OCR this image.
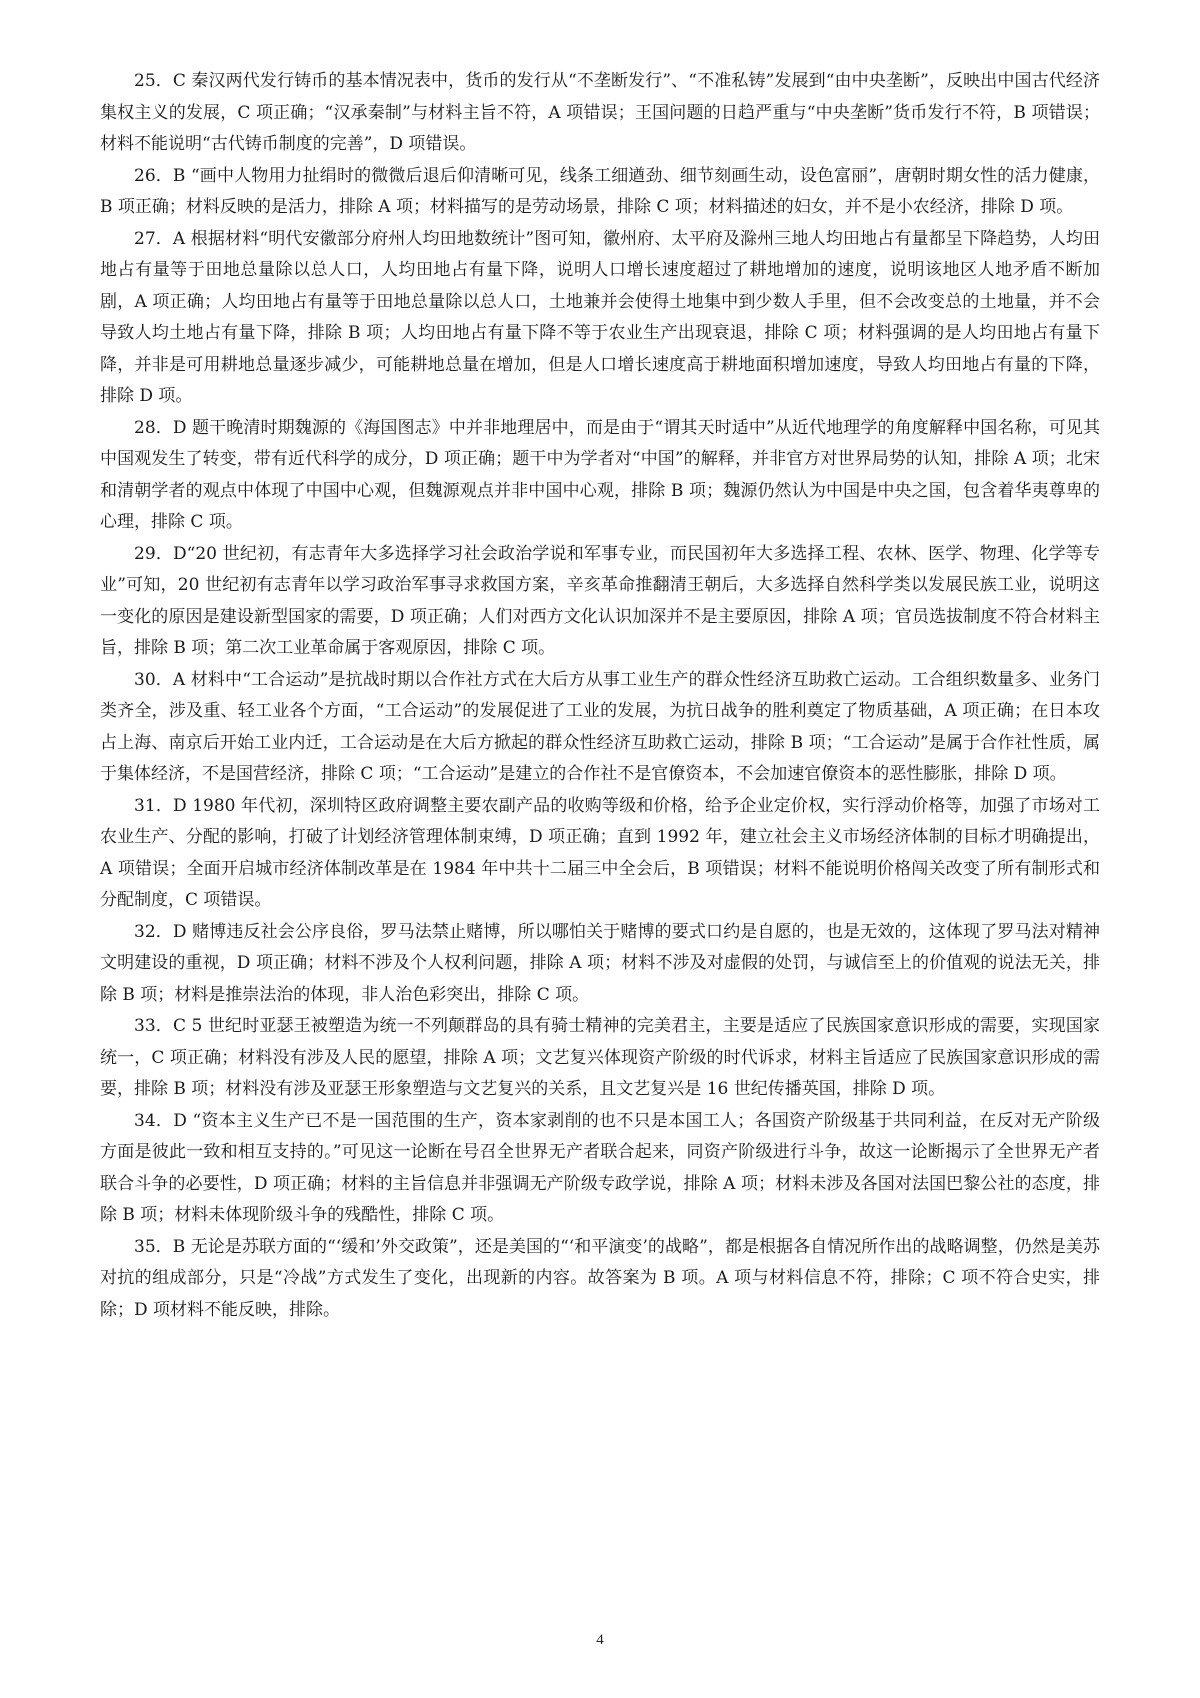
25．C 秦汉两代发行铸币的基本情况表中，货币的发行从“不垄断发行”、“不准私铸”发展到“由中央垄断”，反映出中国古代经济集权主义的发展，C 项正确；“汉承秦制”与材料主旨不符，A 项错误；王国问题的日趋严重与“中央垄断”货币发行不符，B 项错误；材料不能说明“古代铸币制度的完善”，D 项错误。

26．B “画中人物用力扯绢时的微微后退后仰清晰可见，线条工细遒劲、细节刻画生动，设色富丽”，唐朝时期女性的活力健康，B 项正确；材料反映的是活力，排除 A 项；材料描写的是劳动场景，排除 C 项；材料描述的妇女，并不是小农经济，排除 D 项。

27．A 根据材料“明代安徽部分府州人均田地数统计”图可知，徽州府、太平府及滁州三地人均田地占有量都呈下降趋势，人均田地占有量等于田地总量除以总人口，人均田地占有量下降，说明人口增长速度超过了耕地增加的速度，说明该地区人地矛盾不断加剧，A 项正确；人均田地占有量等于田地总量除以总人口，土地兼并会使得土地集中到少数人手里，但不会改变总的土地量，并不会导致人均土地占有量下降，排除 B 项；人均田地占有量下降不等于农业生产出现衰退，排除 C 项；材料强调的是人均田地占有量下降，并非是可用耕地总量逐步减少，可能耕地总量在增加，但是人口增长速度高于耕地面积增加速度，导致人均田地占有量的下降，排除 D 项。

28．D 题干晚清时期魏源的《海国图志》中并非地理居中，而是由于“谓其天时适中”从近代地理学的角度解释中国名称，可见其中国观发生了转变，带有近代科学的成分，D 项正确；题干中为学者对“中国”的解释，并非官方对世界局势的认知，排除 A 项；北宋和清朝学者的观点中体现了中国中心观，但魏源观点并非中国中心观，排除 B 项；魏源仍然认为中国是中央之国，包含着华夷尊卑的心理，排除 C 项。

29．D“20 世纪初，有志青年大多选择学习社会政治学说和军事专业，而民国初年大多选择工程、农林、医学、物理、化学等专业”可知，20 世纪初有志青年以学习政治军事寻求救国方案，辛亥革命推翻清王朝后，大多选择自然科学类以发展民族工业，说明这一变化的原因是建设新型国家的需要，D 项正确；人们对西方文化认识加深并不是主要原因，排除 A 项；官员选拔制度不符合材料主旨，排除 B 项；第二次工业革命属于客观原因，排除 C 项。

30．A 材料中“工合运动”是抗战时期以合作社方式在大后方从事工业生产的群众性经济互助救亡运动。工合组织数量多、业务门类齐全，涉及重、轻工业各个方面，“工合运动”的发展促进了工业的发展，为抗日战争的胜利奠定了物质基础，A 项正确；在日本攻占上海、南京后开始工业内迁，工合运动是在大后方掀起的群众性经济互助救亡运动，排除 B 项；“工合运动”是属于合作社性质，属于集体经济，不是国营经济，排除 C 项；“工合运动”是建立的合作社不是官僚资本，不会加速官僚资本的恶性膨胀，排除 D 项。

31．D 1980 年代初，深圳特区政府调整主要农副产品的收购等级和价格，给予企业定价权，实行浮动价格等，加强了市场对工农业生产、分配的影响，打破了计划经济管理体制束缚，D 项正确；直到 1992 年，建立社会主义市场经济体制的目标才明确提出，A 项错误；全面开启城市经济体制改革是在 1984 年中共十二届三中全会后，B 项错误；材料不能说明价格闯关改变了所有制形式和分配制度，C 项错误。

32．D 赌博违反社会公序良俗，罗马法禁止赌博，所以哪怕关于赌博的要式口约是自愿的，也是无效的，这体现了罗马法对精神文明建设的重视，D 项正确；材料不涉及个人权利问题，排除 A 项；材料不涉及对虚假的处罚，与诚信至上的价值观的说法无关，排除 B 项；材料是推崇法治的体现，非人治色彩突出，排除 C 项。

33．C 5 世纪时亚瑟王被塑造为统一不列颠群岛的具有骑士精神的完美君主，主要是适应了民族国家意识形成的需要，实现国家统一，C 项正确；材料没有涉及人民的愿望，排除 A 项；文艺复兴体现资产阶级的时代诉求，材料主旨适应了民族国家意识形成的需要，排除 B 项；材料没有涉及亚瑟王形象塑造与文艺复兴的关系，且文艺复兴是 16 世纪传播英国，排除 D 项。

34．D “资本主义生产已不是一国范围的生产，资本家剥削的也不只是本国工人；各国资产阶级基于共同利益，在反对无产阶级方面是彼此一致和相互支持的。”可见这一论断在号召全世界无产者联合起来，同资产阶级进行斗争，故这一论断揭示了全世界无产者联合斗争的必要性，D 项正确；材料的主旨信息并非强调无产阶级专政学说，排除 A 项；材料未涉及各国对法国巴黎公社的态度，排除 B 项；材料未体现阶级斗争的残酷性，排除 C 项。

35．B 无论是苏联方面的“‘缓和’外交政策”，还是美国的“‘和平演变’的战略”，都是根据各自情况所作出的战略调整，仍然是美苏对抗的组成部分，只是“冷战”方式发生了变化，出现新的内容。故答案为 B 项。A 项与材料信息不符，排除；C 项不符合史实，排除；D 项材料不能反映，排除。

4
